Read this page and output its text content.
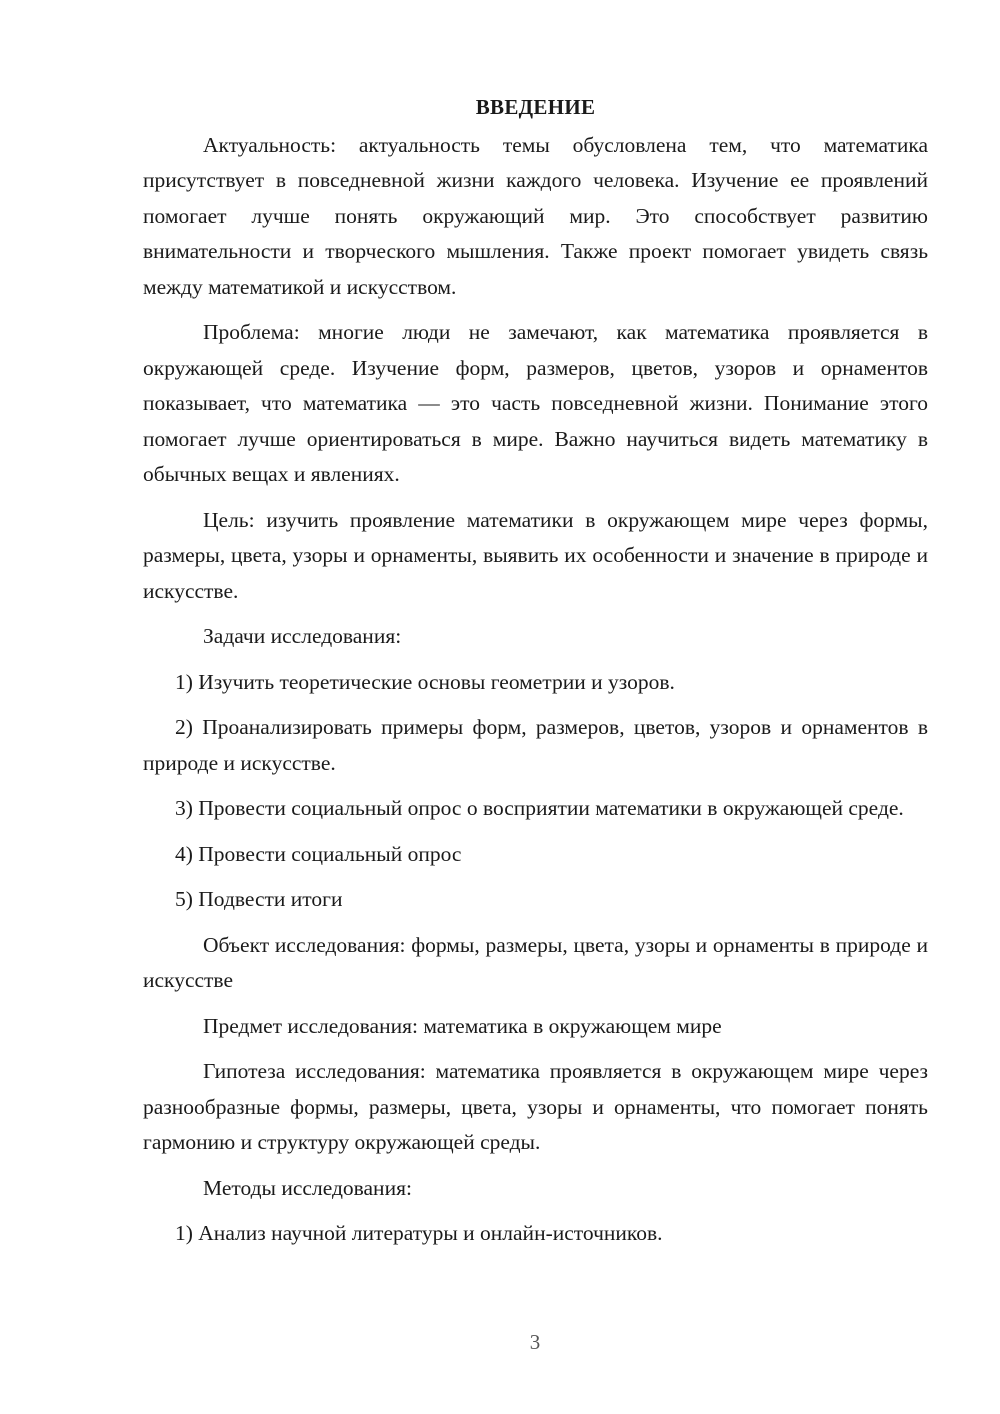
ВВЕДЕНИЕ

Актуальность: актуальность темы обусловлена тем, что математика присутствует в повседневной жизни каждого человека. Изучение ее проявлений помогает лучше понять окружающий мир. Это способствует развитию внимательности и творческого мышления. Также проект помогает увидеть связь между математикой и искусством.

Проблема: многие люди не замечают, как математика проявляется в окружающей среде. Изучение форм, размеров, цветов, узоров и орнаментов показывает, что математика — это часть повседневной жизни. Понимание этого помогает лучше ориентироваться в мире. Важно научиться видеть математику в обычных вещах и явлениях.

Цель: изучить проявление математики в окружающем мире через формы, размеры, цвета, узоры и орнаменты, выявить их особенности и значение в природе и искусстве.

Задачи исследования:

1) Изучить теоретические основы геометрии и узоров.

2) Проанализировать примеры форм, размеров, цветов, узоров и орнаментов в природе и искусстве.

3) Провести социальный опрос о восприятии математики в окружающей среде.

4) Провести социальный опрос

5) Подвести итоги

Объект исследования: формы, размеры, цвета, узоры и орнаменты в природе и искусстве

Предмет исследования: математика в окружающем мире

Гипотеза исследования: математика проявляется в окружающем мире через разнообразные формы, размеры, цвета, узоры и орнаменты, что помогает понять гармонию и структуру окружающей среды.

Методы исследования:

1) Анализ научной литературы и онлайн-источников.

3
